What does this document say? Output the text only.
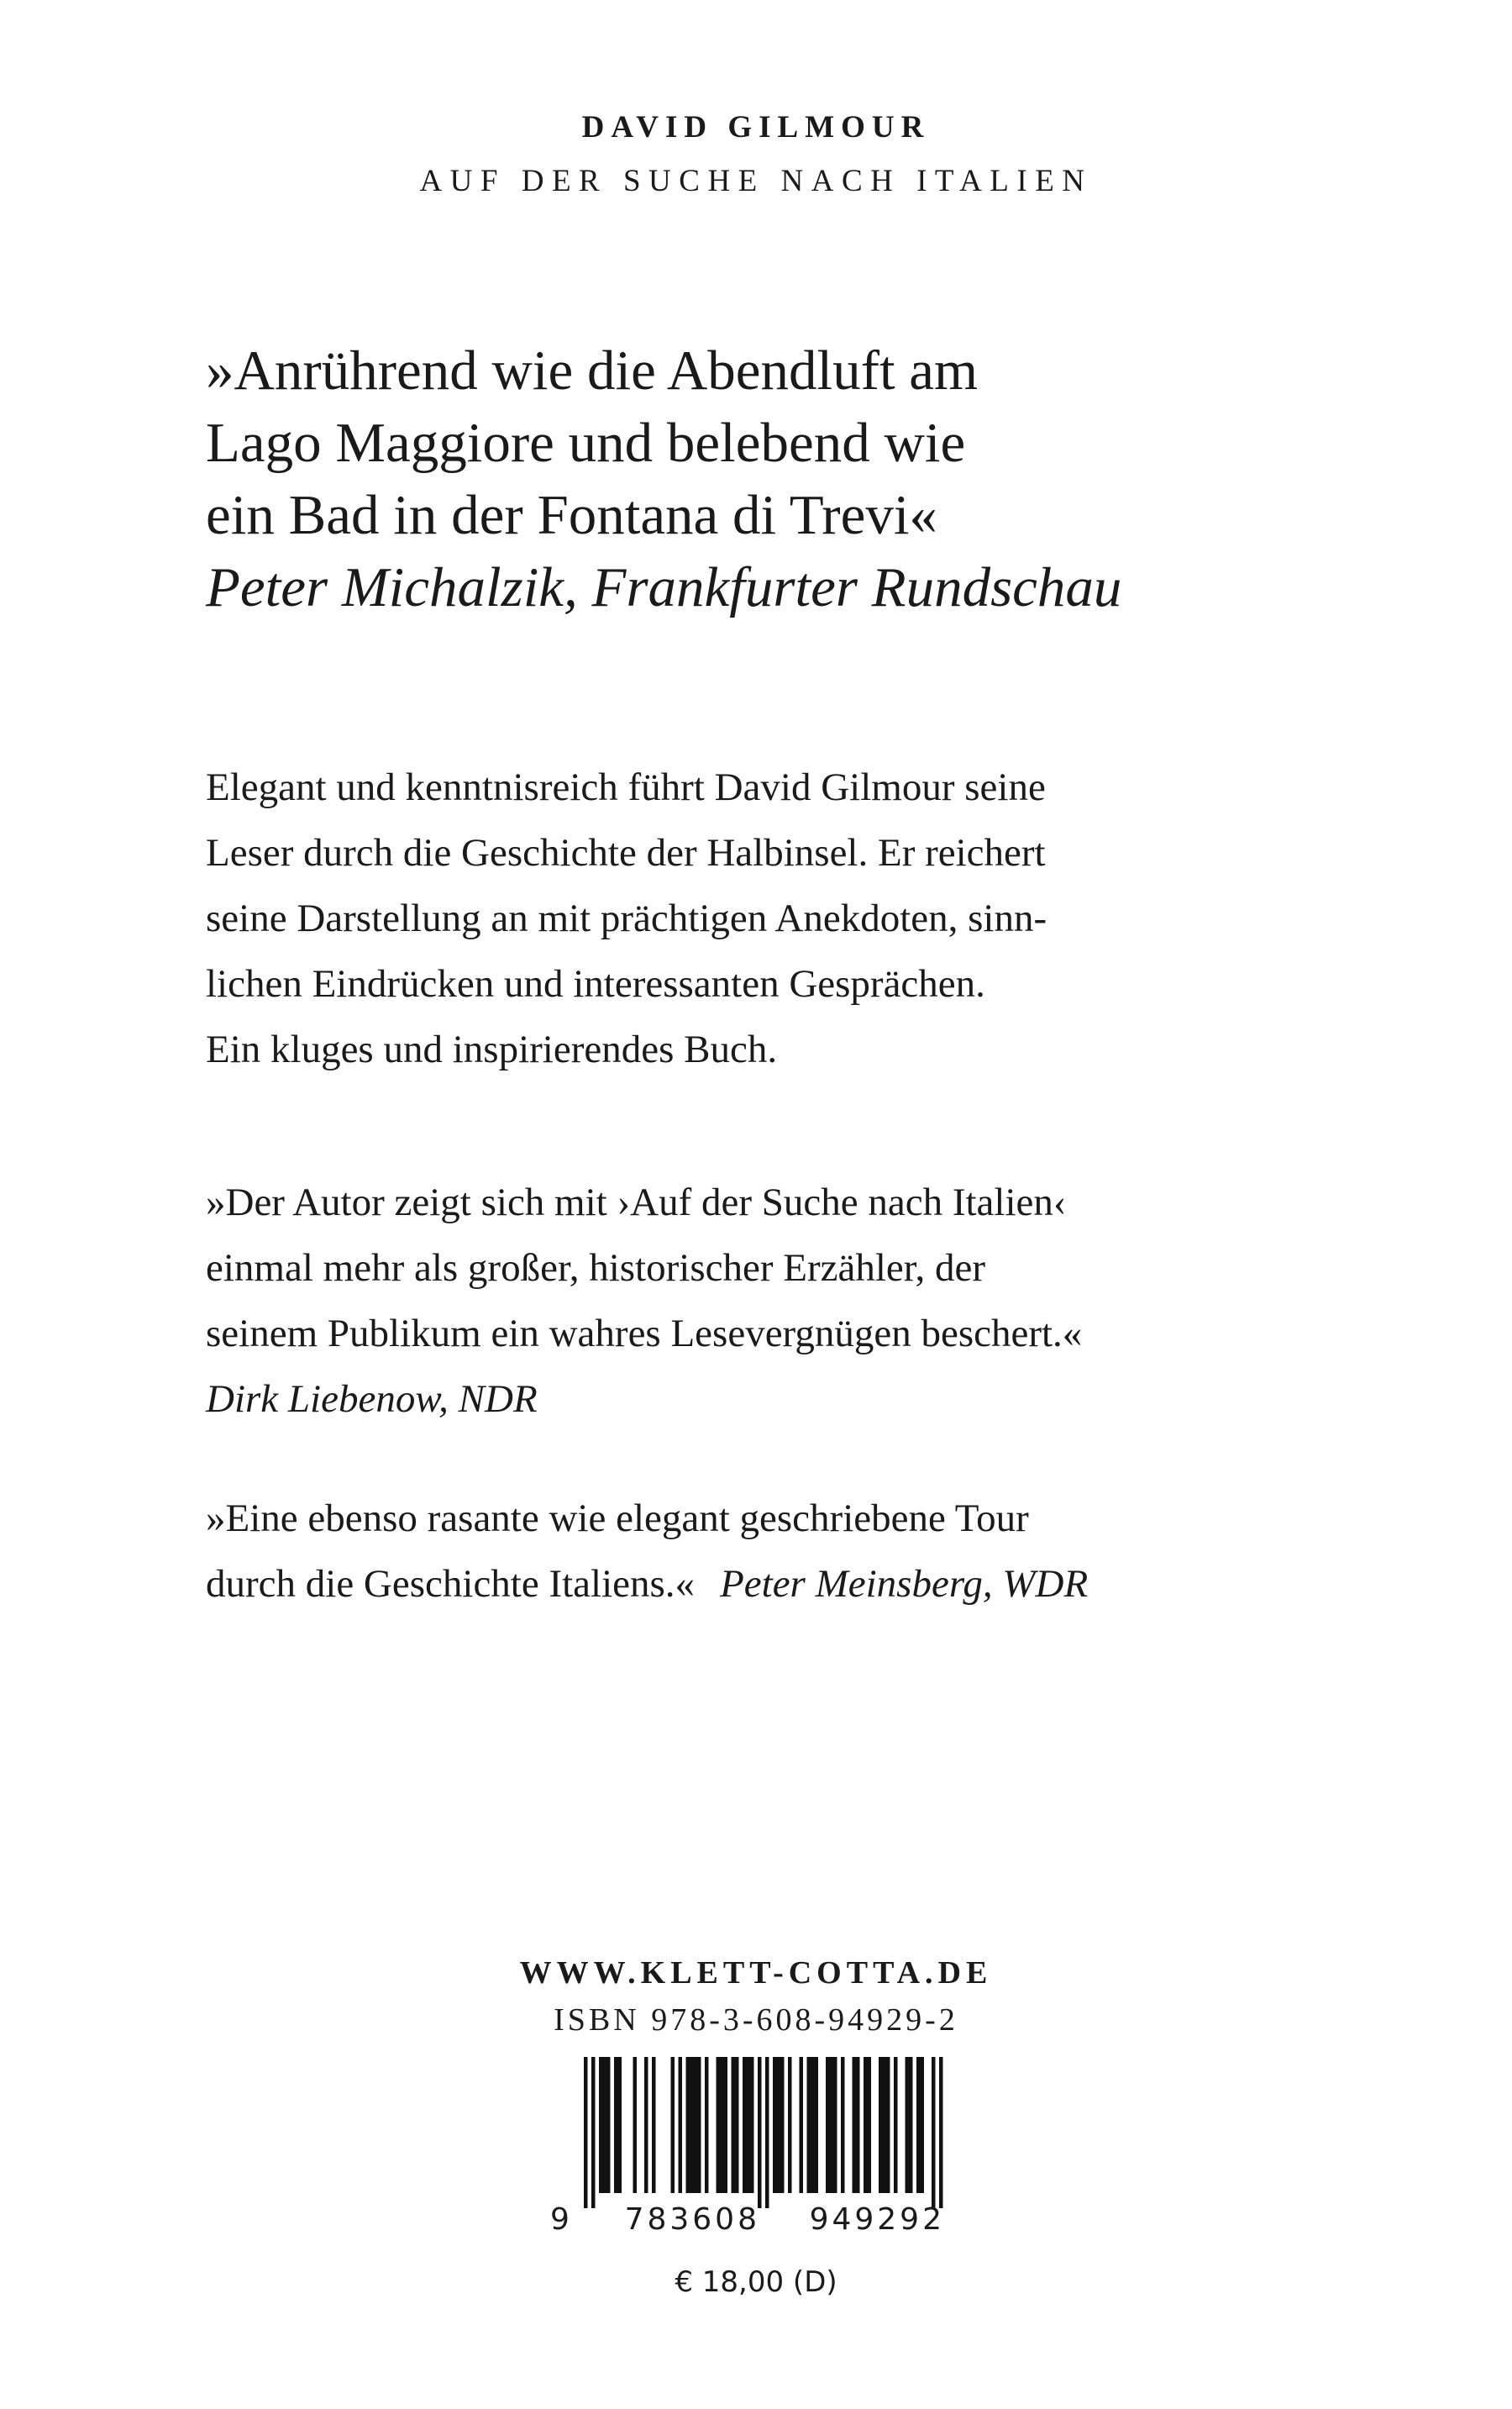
DAVID GILMOUR
AUF DER SUCHE NACH ITALIEN
»Anrührend wie die Abendluft am
Lago Maggiore und belebend wie
ein Bad in der Fontana di Trevi«
Peter Michalzik, Frankfurter Rundschau
Elegant und kenntnisreich führt David Gilmour seine
Leser durch die Geschichte der Halbinsel. Er reichert
seine Darstellung an mit prächtigen Anekdoten, sinn-
lichen Eindrücken und interessanten Gesprächen.
Ein kluges und inspirierendes Buch.
»Der Autor zeigt sich mit ›Auf der Suche nach Italien‹
einmal mehr als großer, historischer Erzähler, der
seinem Publikum ein wahres Lesevergnügen beschert.«
Dirk Liebenow, NDR
»Eine ebenso rasante wie elegant geschriebene Tour
durch die Geschichte Italiens.« Peter Meinsberg, WDR
WWW.KLETT-COTTA.DE
ISBN 978-3-608-94929-2
9 783608 949292
€ 18,00 (D)
